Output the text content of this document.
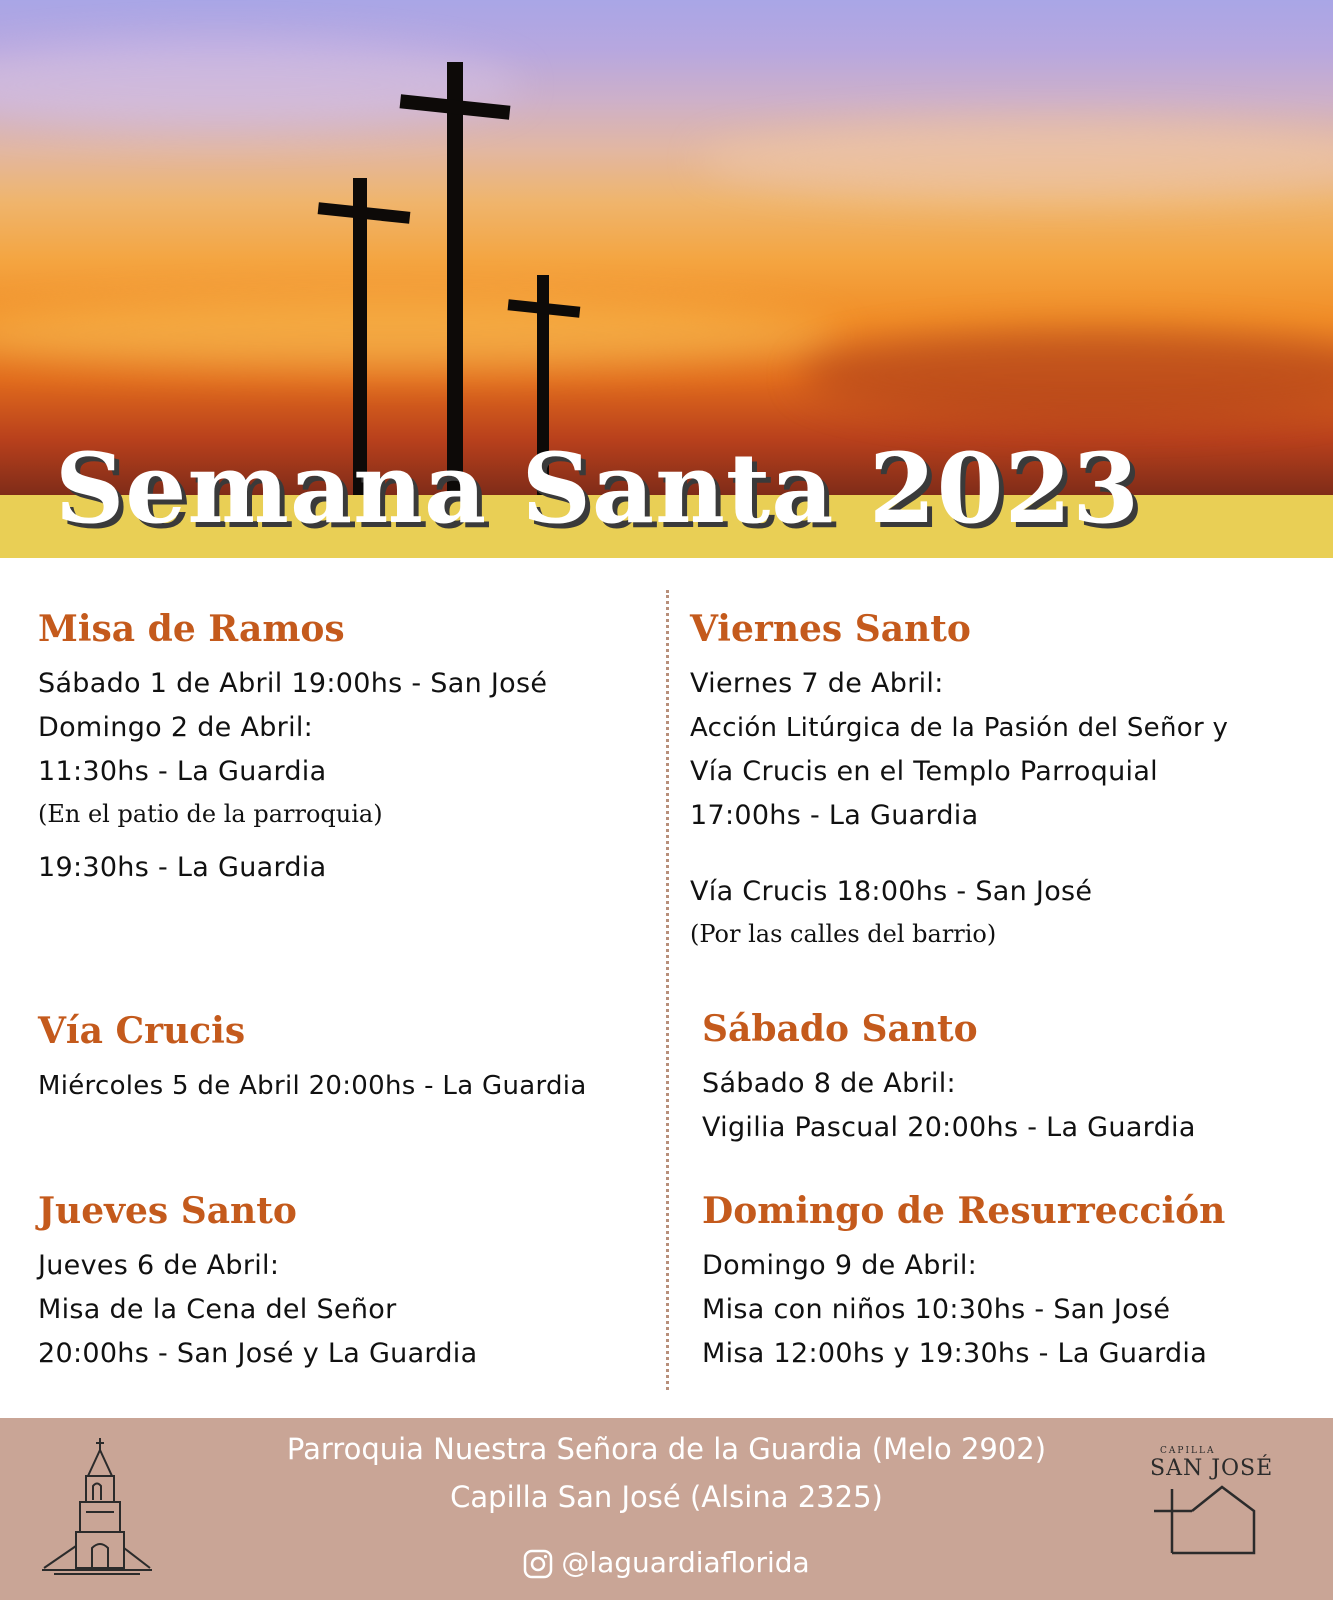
Semana Santa 2023
Misa de Ramos
Sábado 1 de Abril 19:00hs - San José
Domingo 2 de Abril:
11:30hs - La Guardia
(En el patio de la parroquia)
19:30hs - La Guardia
Vía Crucis
Miércoles 5 de Abril 20:00hs - La Guardia
Jueves Santo
Jueves 6 de Abril:
Misa de la Cena del Señor
20:00hs - San José y La Guardia
Viernes Santo
Viernes 7 de Abril:
Acción Litúrgica de la Pasión del Señor y
Vía Crucis en el Templo Parroquial
17:00hs - La Guardia
Vía Crucis 18:00hs - San José
(Por las calles del barrio)
Sábado Santo
Sábado 8 de Abril:
Vigilia Pascual 20:00hs - La Guardia
Domingo de Resurrección
Domingo 9 de Abril:
Misa con niños 10:30hs - San José
Misa 12:00hs y 19:30hs - La Guardia
Parroquia Nuestra Señora de la Guardia (Melo 2902)
Capilla San José (Alsina 2325)
@laguardiaflorida
CAPILLA
SAN JOSÉ
